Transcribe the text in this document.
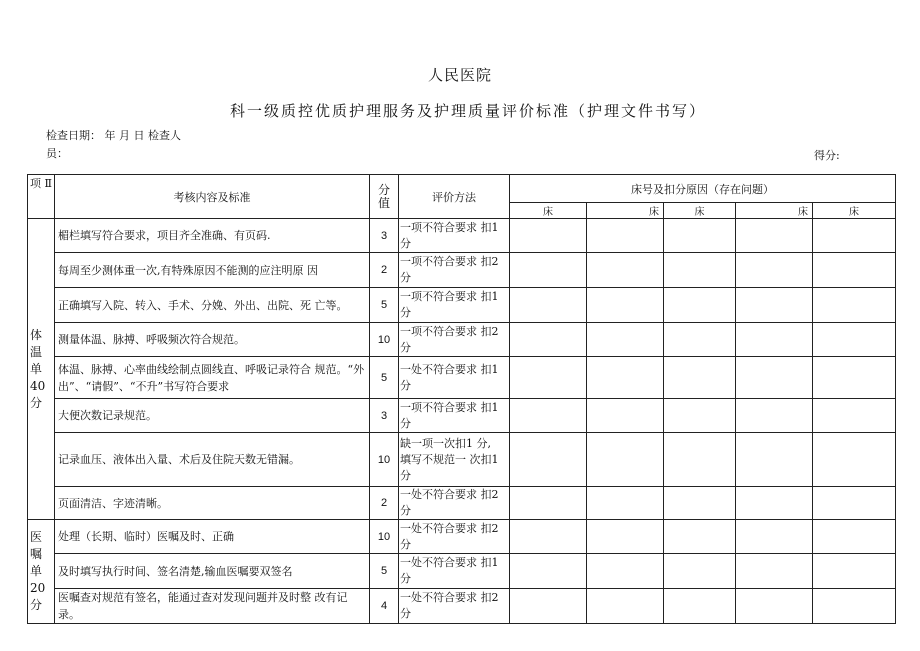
人民医院
科一级质控优质护理服务及护理质量评价标准（护理文件书写）
检查日期： 年 月 日 检查人
员：	得分:
项 Ⅱ	考核内容及标准	分
值	评价方法	床号及扣分原因（存在问题）				
				床	床	床	床	床
体
温
单
40
分	楣栏填写符合要求，项目齐全准确、有页码.	3	一项不符合要求 扣1
分					
	每周至少测体重一次,有特殊原因不能测的应注明原 因	2	一项不符合要求 扣2
分					
	正确填写入院、转入、手术、分娩、外出、出院、死 亡等。	5	一项不符合要求 扣1
分					
	测量体温、脉搏、呼吸频次符合规范。	10	一项不符合要求 扣2
分					
	体温、脉搏、心率曲线绘制点圆线直、呼吸记录符合 规范。“外出”、“请假”、“不升”书写符合要求	5	一处不符合要求 扣1
分					
	大便次数记录规范。	3	一项不符合要求 扣1
分					
	记录血压、液体出入量、术后及住院天数无错漏。	10	缺一项一次扣1 分,
填写不规范一 次扣1
分					
	页面清洁、字迹清晰。	2	一处不符合要求 扣2
分					
医
嘱
单
20
分	处理（长期、临时）医嘱及时、正确	10	一处不符合要求 扣2
分					
	及时填写执行时间、签名清楚,输血医嘱要双签名	5	一处不符合要求 扣1
分					
	医嘱查对规范有签名，能通过查对发现问题并及时整 改有记录。	4	一处不符合要求 扣2
分					
